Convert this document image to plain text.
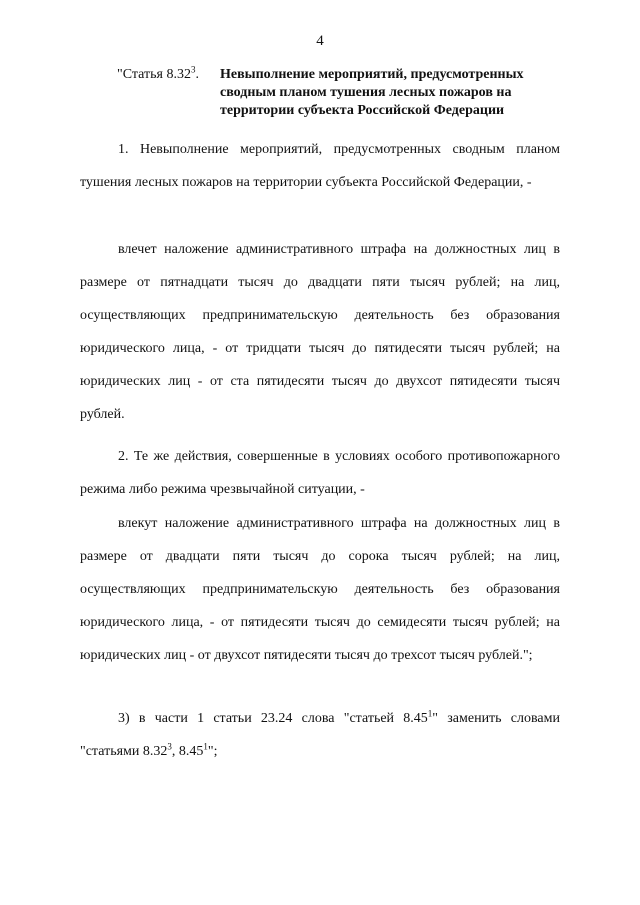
4
"Статья 8.32$^3$. Невыполнение мероприятий, предусмотренных
сводным планом тушения лесных пожаров на
территории субъекта Российской Федерации
1. Невыполнение мероприятий, предусмотренных сводным планом тушения лесных пожаров на территории субъекта Российской Федерации, -
влечет наложение административного штрафа на должностных лиц в размере от пятнадцати тысяч до двадцати пяти тысяч рублей; на лиц, осуществляющих предпринимательскую деятельность без образования юридического лица, - от тридцати тысяч до пятидесяти тысяч рублей; на юридических лиц - от ста пятидесяти тысяч до двухсот пятидесяти тысяч рублей.
2. Те же действия, совершенные в условиях особого противопожарного режима либо режима чрезвычайной ситуации, -
влекут наложение административного штрафа на должностных лиц в размере от двадцати пяти тысяч до сорока тысяч рублей; на лиц, осуществляющих предпринимательскую деятельность без образования юридического лица, - от пятидесяти тысяч до семидесяти тысяч рублей; на юридических лиц - от двухсот пятидесяти тысяч до трехсот тысяч рублей.";
3) в части 1 статьи 23.24 слова "статьей 8.45$^1$" заменить словами "статьями 8.32$^3$, 8.45$^1$";
